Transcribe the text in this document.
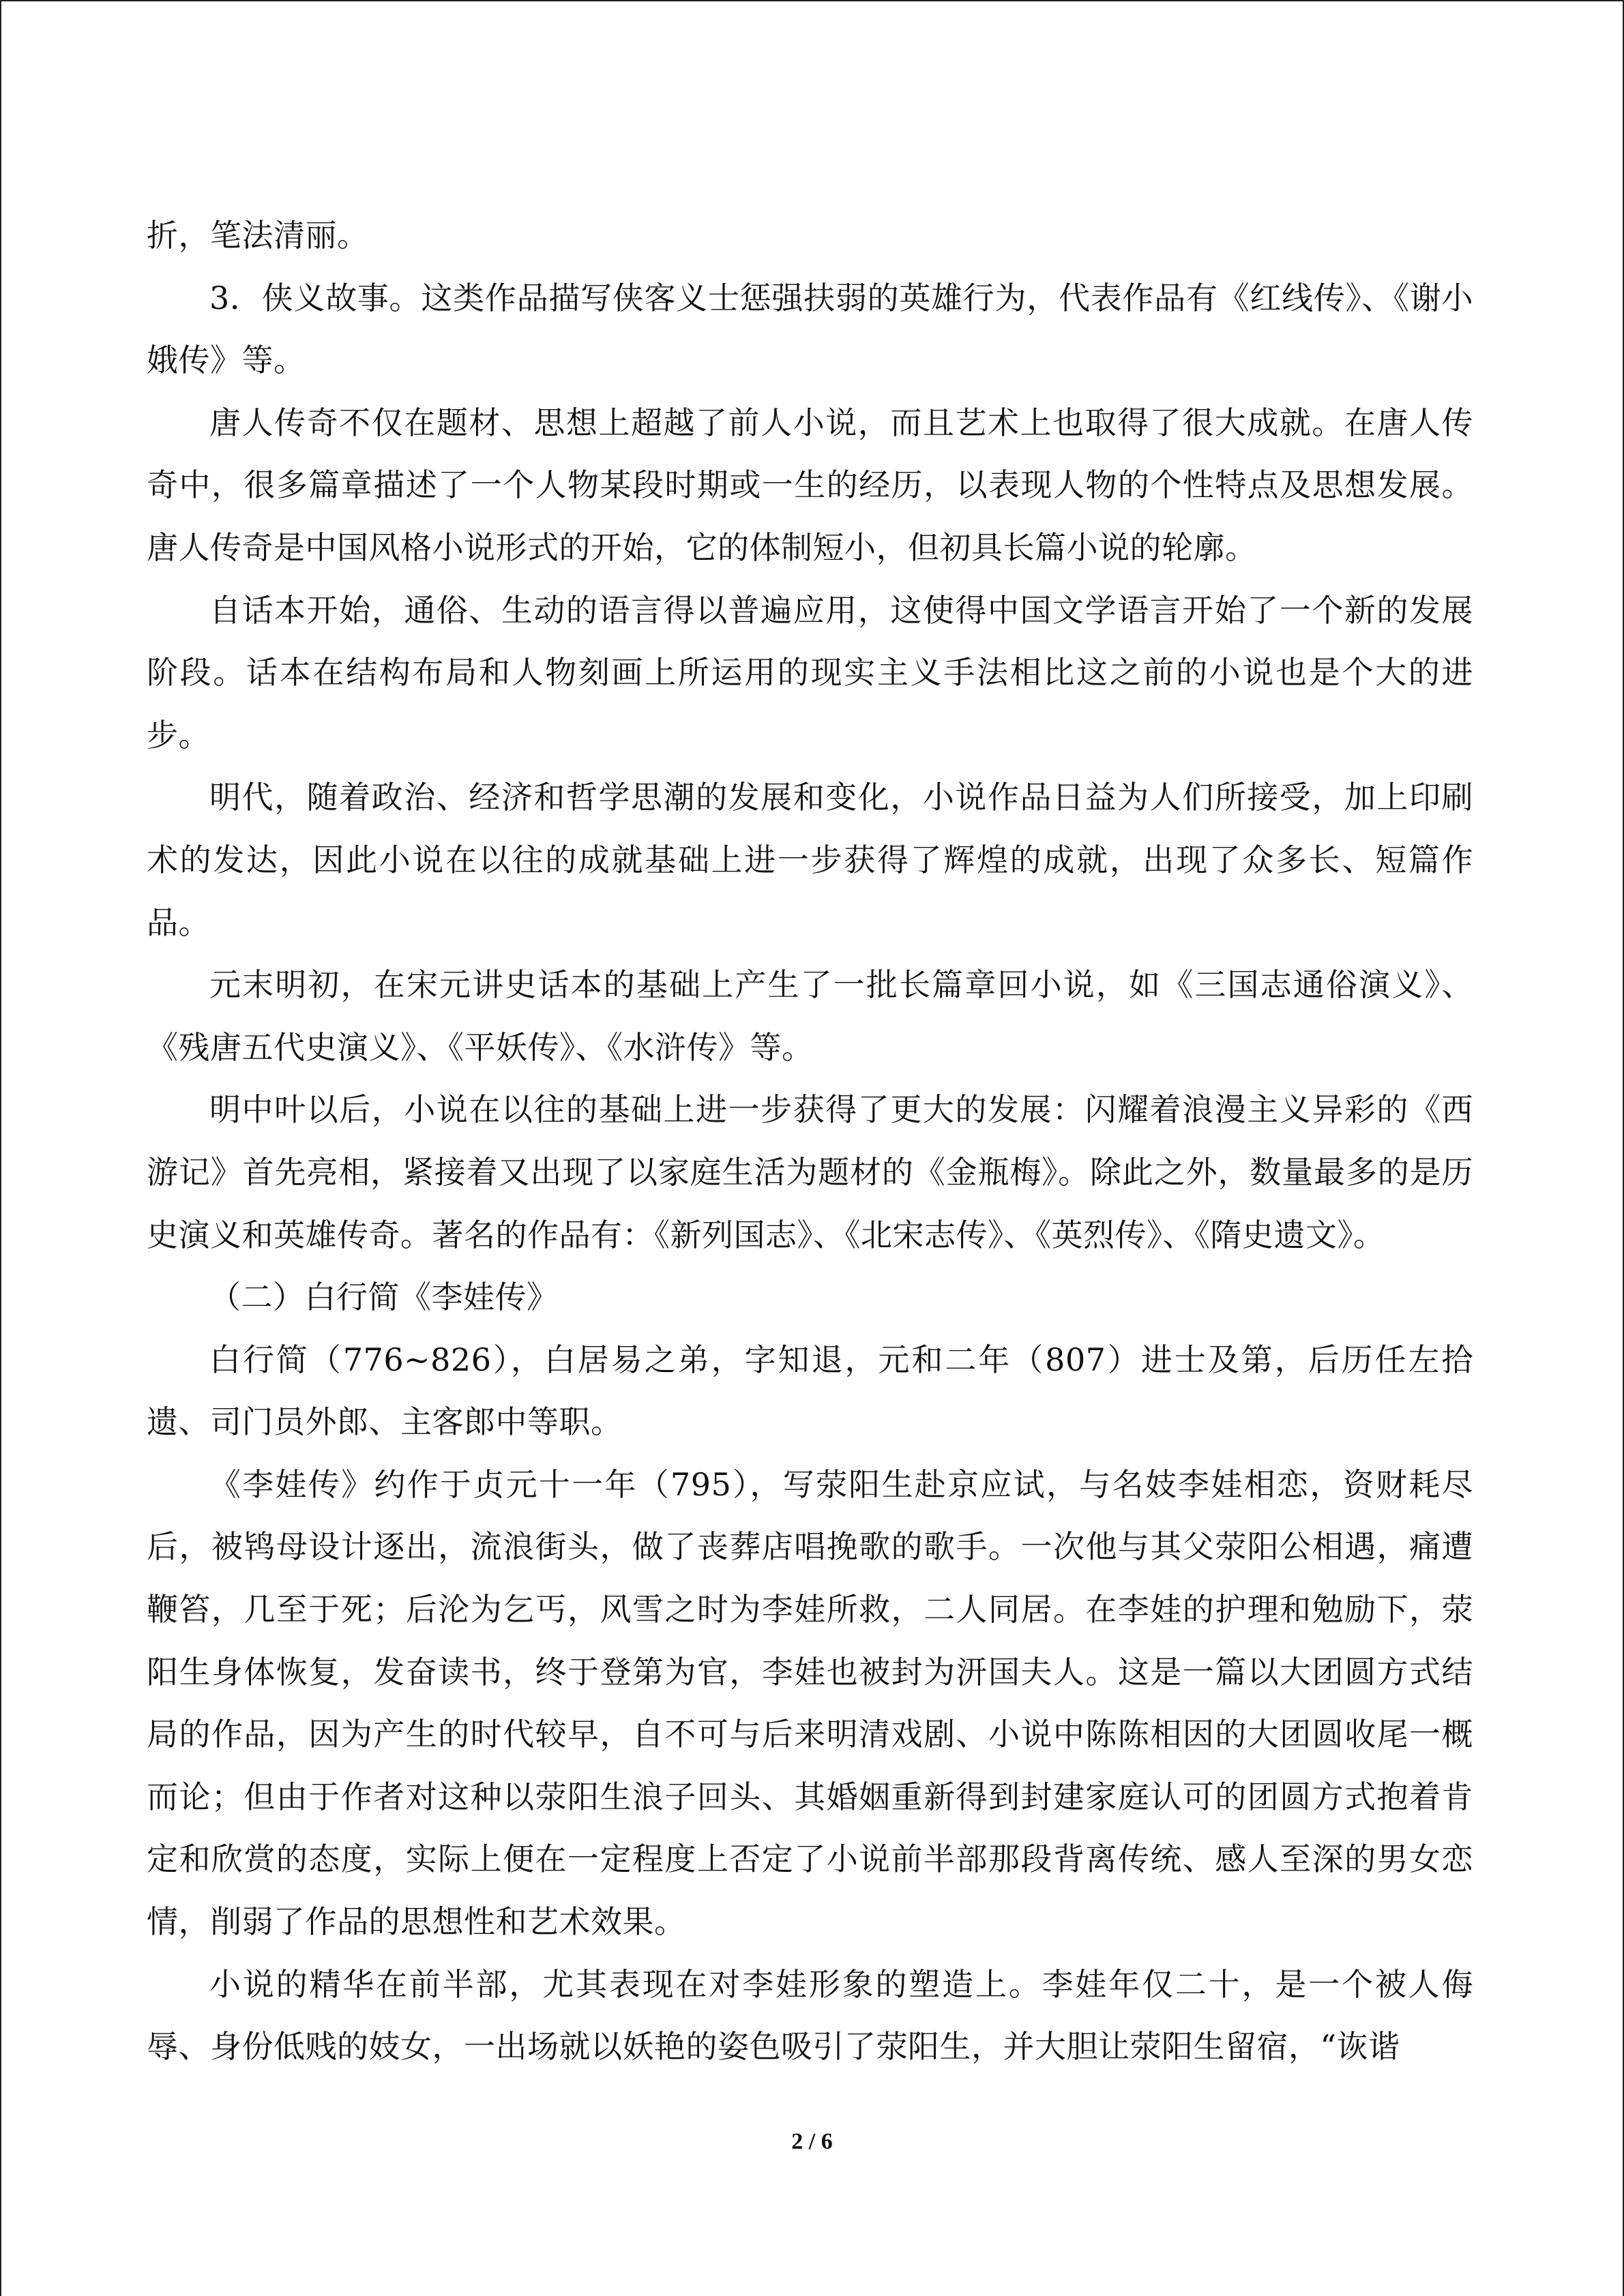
折，笔法清丽。

3．侠义故事。这类作品描写侠客义士惩强扶弱的英雄行为，代表作品有《红线传》、《谢小娥传》等。

唐人传奇不仅在题材、思想上超越了前人小说，而且艺术上也取得了很大成就。在唐人传奇中，很多篇章描述了一个人物某段时期或一生的经历，以表现人物的个性特点及思想发展。唐人传奇是中国风格小说形式的开始，它的体制短小，但初具长篇小说的轮廓。

自话本开始，通俗、生动的语言得以普遍应用，这使得中国文学语言开始了一个新的发展阶段。话本在结构布局和人物刻画上所运用的现实主义手法相比这之前的小说也是个大的进步。

明代，随着政治、经济和哲学思潮的发展和变化，小说作品日益为人们所接受，加上印刷术的发达，因此小说在以往的成就基础上进一步获得了辉煌的成就，出现了众多长、短篇作品。

元末明初，在宋元讲史话本的基础上产生了一批长篇章回小说，如《三国志通俗演义》、《残唐五代史演义》、《平妖传》、《水浒传》等。

明中叶以后，小说在以往的基础上进一步获得了更大的发展：闪耀着浪漫主义异彩的《西游记》首先亮相，紧接着又出现了以家庭生活为题材的《金瓶梅》。除此之外，数量最多的是历史演义和英雄传奇。著名的作品有：《新列国志》、《北宋志传》、《英烈传》、《隋史遗文》。

（二）白行简《李娃传》

白行简（776~826），白居易之弟，字知退，元和二年（807）进士及第，后历任左拾遗、司门员外郎、主客郎中等职。

《李娃传》约作于贞元十一年（795），写荥阳生赴京应试，与名妓李娃相恋，资财耗尽后，被鸨母设计逐出，流浪街头，做了丧葬店唱挽歌的歌手。一次他与其父荥阳公相遇，痛遭鞭笞，几至于死；后沦为乞丐，风雪之时为李娃所救，二人同居。在李娃的护理和勉励下，荥阳生身体恢复，发奋读书，终于登第为官，李娃也被封为汧国夫人。这是一篇以大团圆方式结局的作品，因为产生的时代较早，自不可与后来明清戏剧、小说中陈陈相因的大团圆收尾一概而论；但由于作者对这种以荥阳生浪子回头、其婚姻重新得到封建家庭认可的团圆方式抱着肯定和欣赏的态度，实际上便在一定程度上否定了小说前半部那段背离传统、感人至深的男女恋情，削弱了作品的思想性和艺术效果。

小说的精华在前半部，尤其表现在对李娃形象的塑造上。李娃年仅二十，是一个被人侮辱、身份低贱的妓女，一出场就以妖艳的姿色吸引了荥阳生，并大胆让荥阳生留宿，“诙谐

2 / 6
